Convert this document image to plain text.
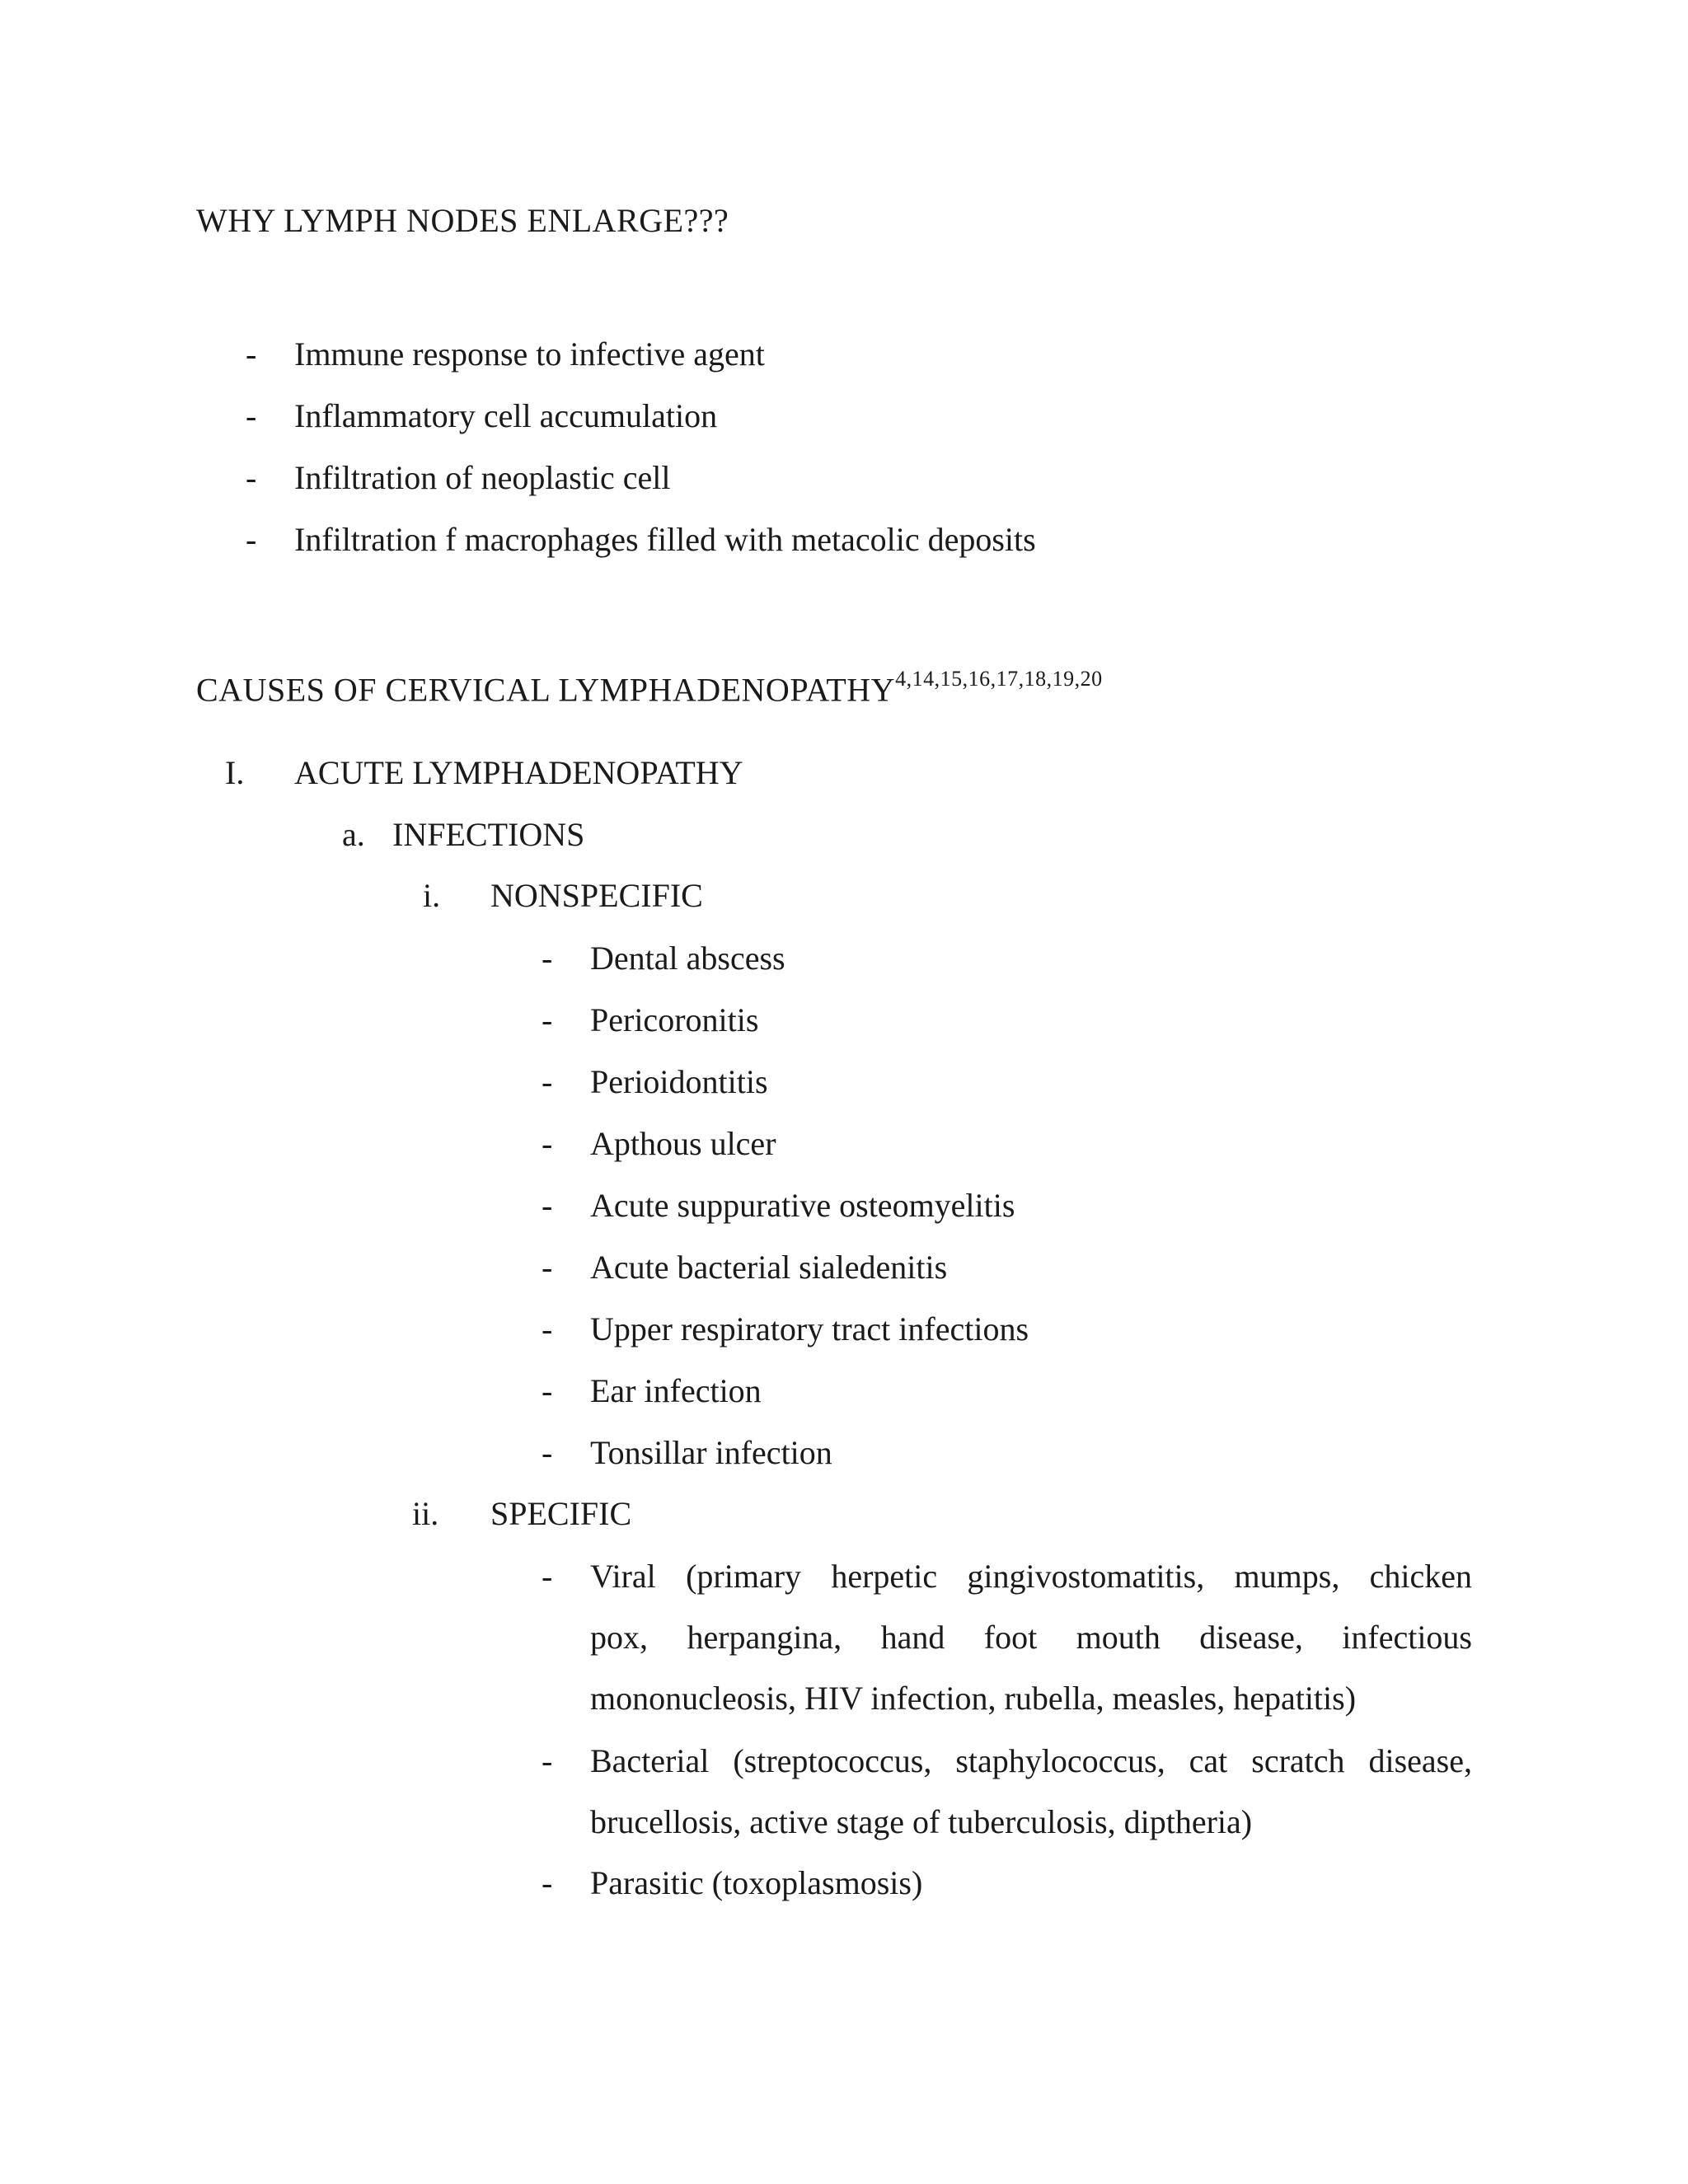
WHY LYMPH NODES ENLARGE???
- Immune response to infective agent
- Inflammatory cell accumulation
- Infiltration of neoplastic cell
- Infiltration f macrophages filled with metacolic deposits
CAUSES OF CERVICAL LYMPHADENOPATHY$^{4,14,15,16,17,18,19,20}$
I. ACUTE LYMPHADENOPATHY
a. INFECTIONS
i. NONSPECIFIC
- Dental abscess
- Pericoronitis
- Perioidontitis
- Apthous ulcer
- Acute suppurative osteomyelitis
- Acute bacterial sialedenitis
- Upper respiratory tract infections
- Ear infection
- Tonsillar infection
ii. SPECIFIC
- Viral (primary herpetic gingivostomatitis, mumps, chicken
pox, herpangina, hand foot mouth disease, infectious
mononucleosis, HIV infection, rubella, measles, hepatitis)
- Bacterial (streptococcus, staphylococcus, cat scratch disease,
brucellosis, active stage of tuberculosis, diptheria)
- Parasitic (toxoplasmosis)
